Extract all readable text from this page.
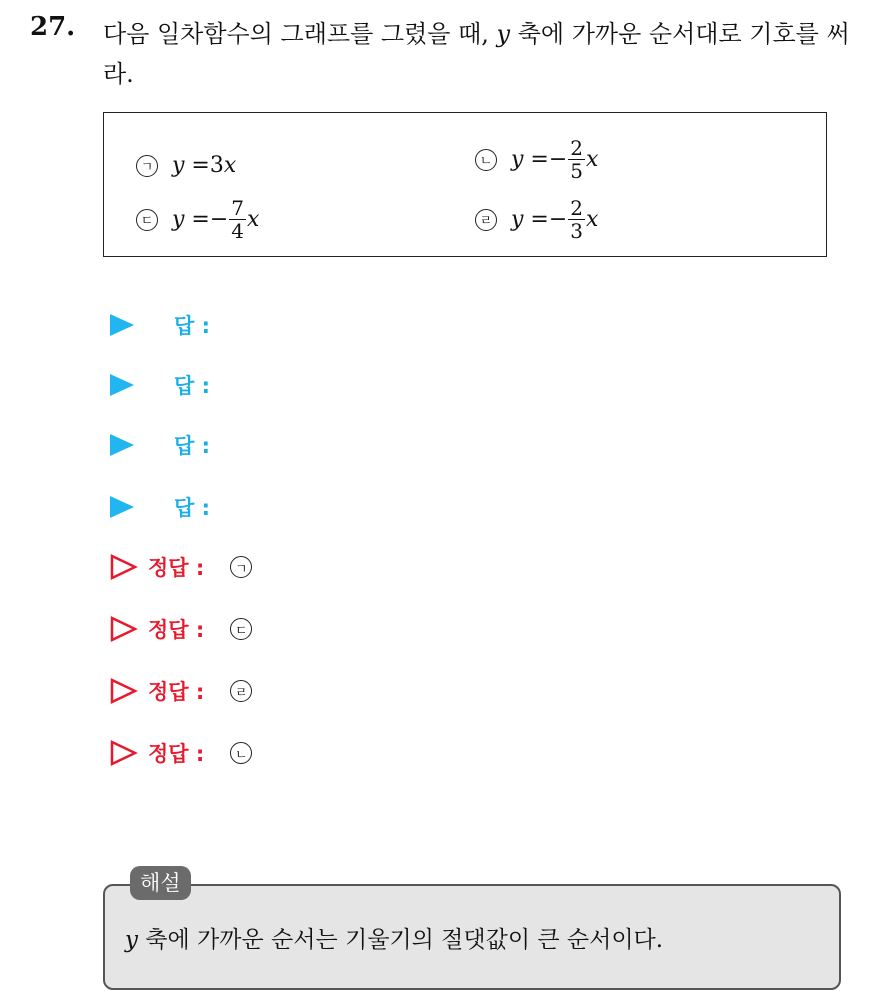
27. 다음 일차함수의 그래프를 그렸을 때, y 축에 가까운 순서대로 기호를 써라.
ㄱ y = 3 x	ㄴ y = − $\frac{2}{5}$ x
ㄷ y = − $\frac{7}{4}$ x	ㄹ y = − $\frac{2}{3}$ x
답 :
답 :
답 :
답 :
정답 :	ㄱ
정답 :	ㄷ
정답 :	ㄹ
정답 :	ㄴ
해설
y 축에 가까운 순서는 기울기의 절댓값이 큰 순서이다.
